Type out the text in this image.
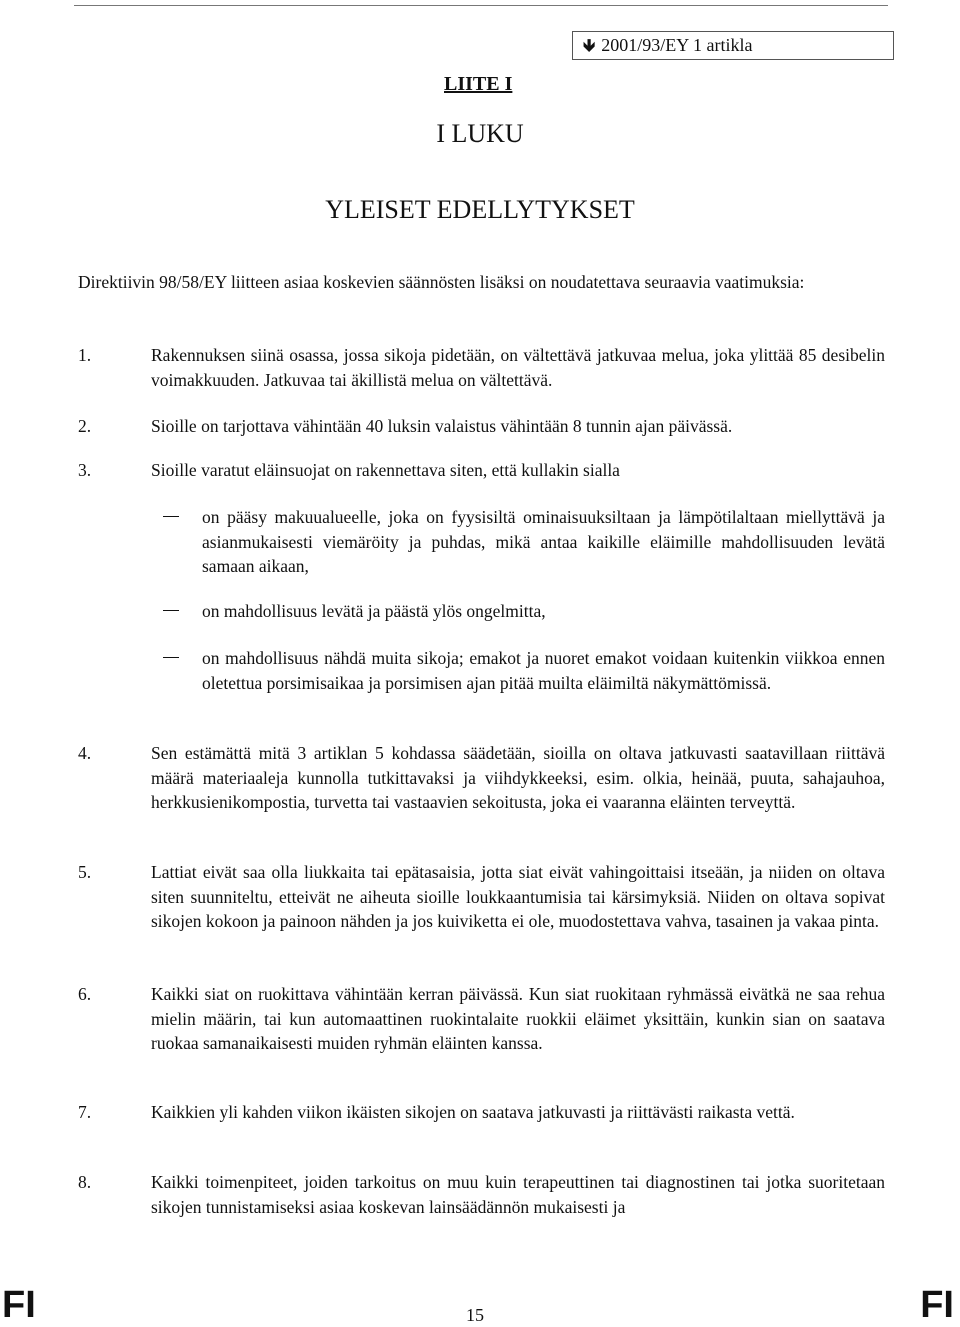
🡻 2001/93/EY 1 artikla
LIITE I
I LUKU
YLEISET EDELLYTYKSET
Direktiivin 98/58/EY liitteen asiaa koskevien säännösten lisäksi on noudatettava seuraavia vaatimuksia:
1.	Rakennuksen siinä osassa, jossa sikoja pidetään, on vältettävä jatkuvaa melua, joka ylittää 85 desibelin voimakkuuden. Jatkuvaa tai äkillistä melua on vältettävä.
2.	Sioille on tarjottava vähintään 40 luksin valaistus vähintään 8 tunnin ajan päivässä.
3.	Sioille varatut eläinsuojat on rakennettava siten, että kullakin sialla
on pääsy makuualueelle, joka on fyysisiltä ominaisuuksiltaan ja lämpötilaltaan miellyttävä ja asianmukaisesti viemäröity ja puhdas, mikä antaa kaikille eläimille mahdollisuuden levätä samaan aikaan,
on mahdollisuus levätä ja päästä ylös ongelmitta,
on mahdollisuus nähdä muita sikoja; emakot ja nuoret emakot voidaan kuitenkin viikkoa ennen oletettua porsimisaikaa ja porsimisen ajan pitää muilta eläimiltä näkymättömissä.
4.	Sen estämättä mitä 3 artiklan 5 kohdassa säädetään, sioilla on oltava jatkuvasti saatavillaan riittävä määrä materiaaleja kunnolla tutkittavaksi ja viihdykkeeksi, esim. olkia, heinää, puuta, sahajauhoa, herkkusienikompostia, turvetta tai vastaavien sekoitusta, joka ei vaaranna eläinten terveyttä.
5.	Lattiat eivät saa olla liukkaita tai epätasaisia, jotta siat eivät vahingoittaisi itseään, ja niiden on oltava siten suunniteltu, etteivät ne aiheuta sioille loukkaantumisia tai kärsimyksiä. Niiden on oltava sopivat sikojen kokoon ja painoon nähden ja jos kuiviketta ei ole, muodostettava vahva, tasainen ja vakaa pinta.
6.	Kaikki siat on ruokittava vähintään kerran päivässä. Kun siat ruokitaan ryhmässä eivätkä ne saa rehua mielin määrin, tai kun automaattinen ruokintalaite ruokkii eläimet yksittäin, kunkin sian on saatava ruokaa samanaikaisesti muiden ryhmän eläinten kanssa.
7.	Kaikkien yli kahden viikon ikäisten sikojen on saatava jatkuvasti ja riittävästi raikasta vettä.
8.	Kaikki toimenpiteet, joiden tarkoitus on muu kuin terapeuttinen tai diagnostinen tai jotka suoritetaan sikojen tunnistamiseksi asiaa koskevan lainsäädännön mukaisesti ja
FI	15	FI
